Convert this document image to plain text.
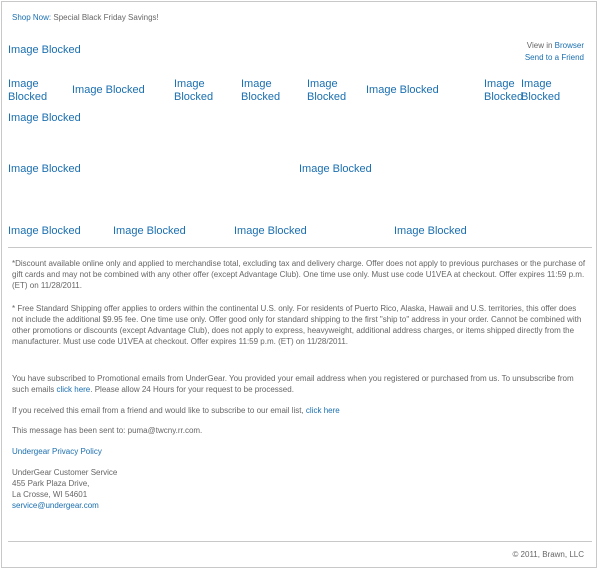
Shop Now: Special Black Friday Savings!
Image Blocked	View in Browser
Send to a Friend
Image
Blocked
Image Blocked	Image
Blocked
Image
Blocked
Image
Blocked
Image Blocked	Image
Blocked
Image
Blocked
Image Blocked
Image Blocked	Image Blocked
Image Blocked	Image Blocked	Image Blocked	Image Blocked
*Discount available online only and applied to merchandise total, excluding tax and delivery charge. Offer does not apply to previous purchases or the purchase of gift cards and may not be combined with any other offer (except Advantage Club). One time use only. Must use code U1VEA at checkout. Offer expires 11:59 p.m. (ET) on 11/28/2011.
* Free Standard Shipping offer applies to orders within the continental U.S. only. For residents of Puerto Rico, Alaska, Hawaii and U.S. territories, this offer does not include the additional $9.95 fee. One time use only. Offer good only for standard shipping to the first "ship to" address in your order. Cannot be combined with other promotions or discounts (except Advantage Club), does not apply to express, heavyweight, additional address charges, or items shipped directly from the manufacturer. Must use code U1VEA at checkout. Offer expires 11:59 p.m. (ET) on 11/28/2011.
You have subscribed to Promotional emails from UnderGear. You provided your email address when you registered or purchased from us. To unsubscribe from such emails click here. Please allow 24 Hours for your request to be processed.
If you received this email from a friend and would like to subscribe to our email list, click here
This message has been sent to: puma@twcny.rr.com.
Undergear Privacy Policy
UnderGear Customer Service
455 Park Plaza Drive,
La Crosse, WI 54601
service@undergear.com
© 2011, Brawn, LLC
